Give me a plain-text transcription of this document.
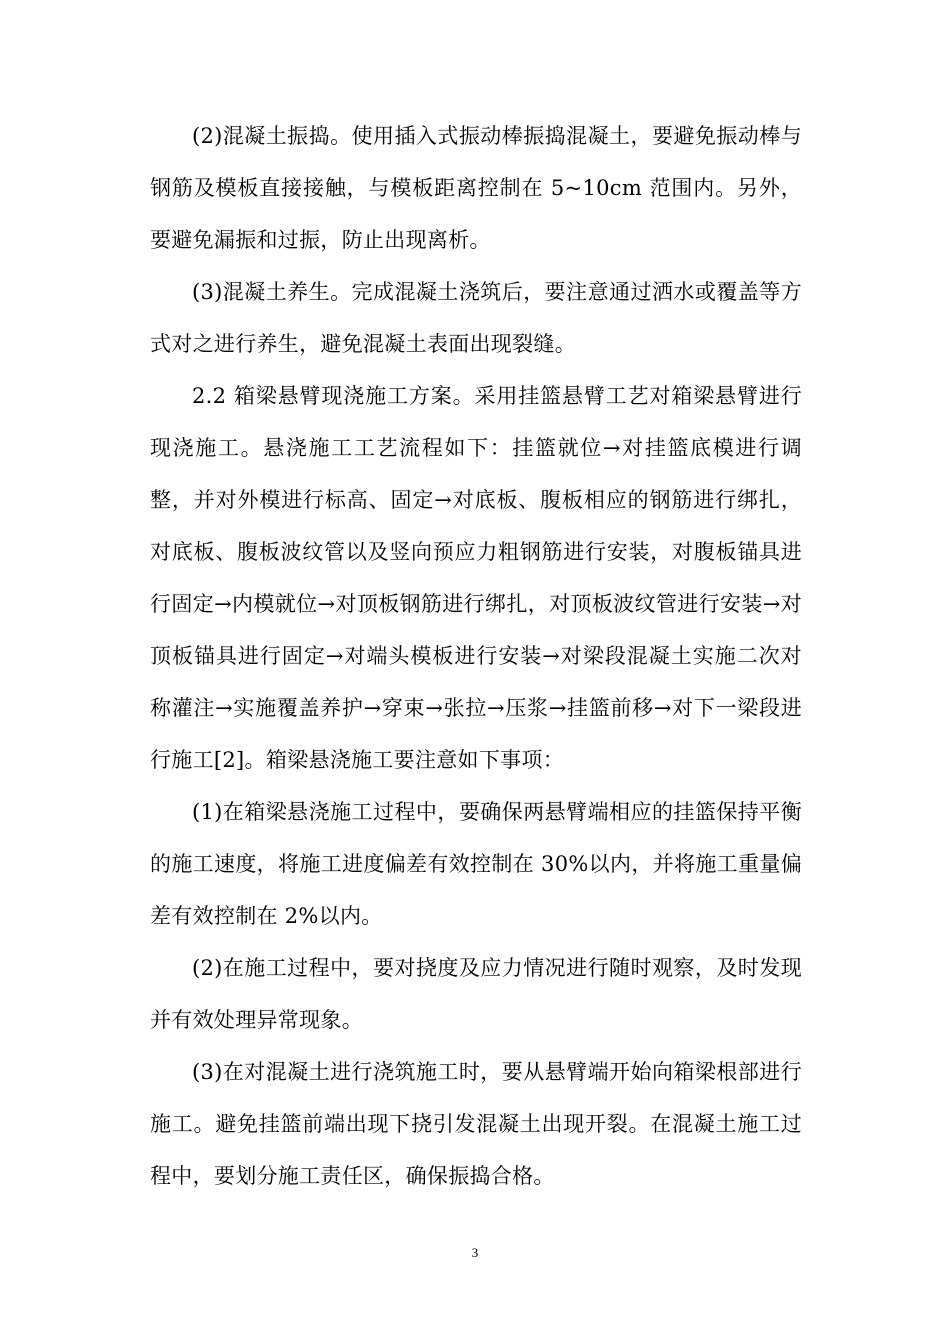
(2)混凝土振捣。使用插入式振动棒振捣混凝土，要避免振动棒与钢筋及模板直接接触，与模板距离控制在 5~10cm 范围内。另外，要避免漏振和过振，防止出现离析。

(3)混凝土养生。完成混凝土浇筑后，要注意通过洒水或覆盖等方式对之进行养生，避免混凝土表面出现裂缝。

2.2 箱梁悬臂现浇施工方案。采用挂篮悬臂工艺对箱梁悬臂进行现浇施工。悬浇施工工艺流程如下：挂篮就位→对挂篮底模进行调整，并对外模进行标高、固定→对底板、腹板相应的钢筋进行绑扎，对底板、腹板波纹管以及竖向预应力粗钢筋进行安装，对腹板锚具进行固定→内模就位→对顶板钢筋进行绑扎，对顶板波纹管进行安装→对顶板锚具进行固定→对端头模板进行安装→对梁段混凝土实施二次对称灌注→实施覆盖养护→穿束→张拉→压浆→挂篮前移→对下一梁段进行施工[2]。箱梁悬浇施工要注意如下事项：

(1)在箱梁悬浇施工过程中，要确保两悬臂端相应的挂篮保持平衡的施工速度，将施工进度偏差有效控制在 30%以内，并将施工重量偏差有效控制在 2%以内。

(2)在施工过程中，要对挠度及应力情况进行随时观察，及时发现并有效处理异常现象。

(3)在对混凝土进行浇筑施工时，要从悬臂端开始向箱梁根部进行施工。避免挂篮前端出现下挠引发混凝土出现开裂。在混凝土施工过程中，要划分施工责任区，确保振捣合格。

3
